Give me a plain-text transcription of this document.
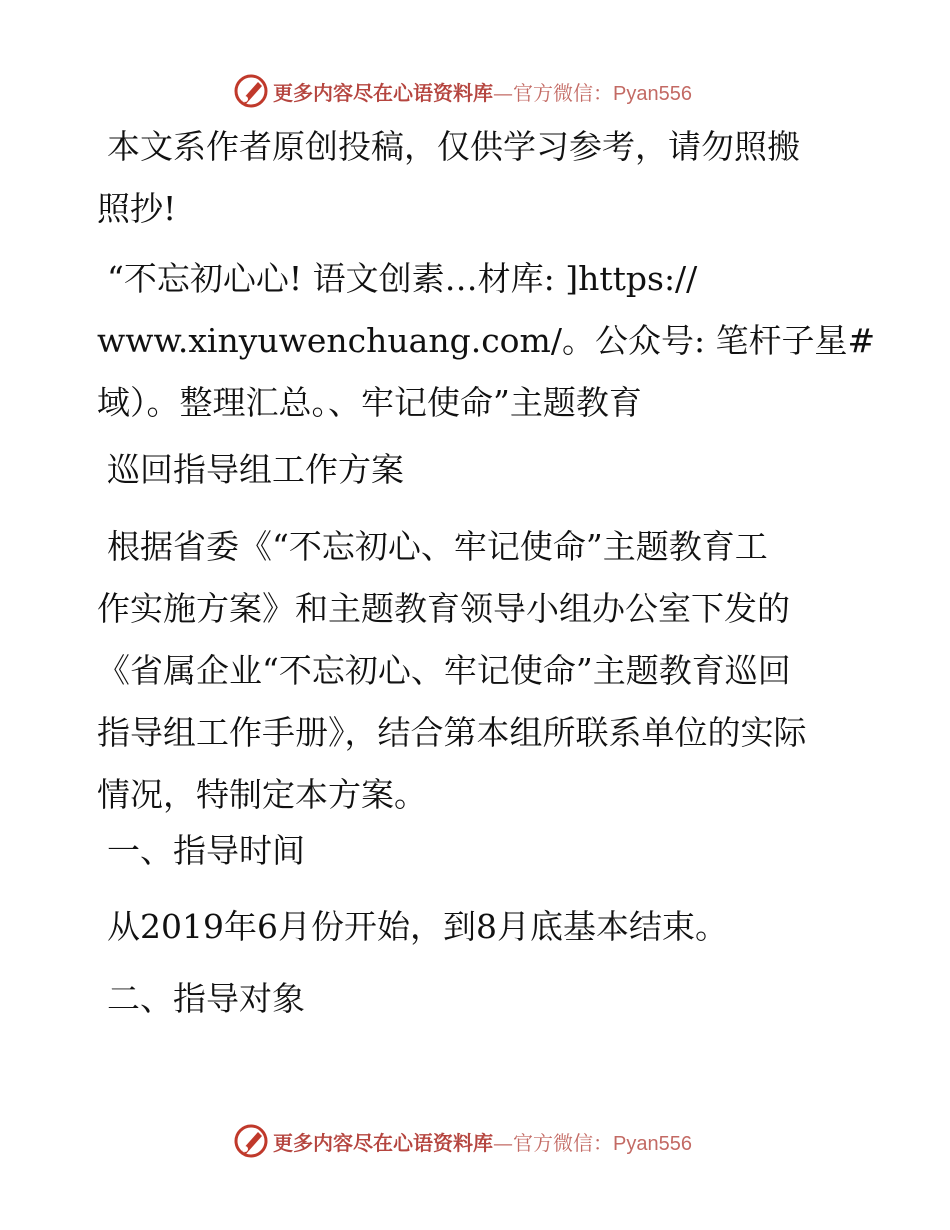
更多内容尽在心语资料库—官方微信：Pyan556
本文系作者原创投稿，仅供学习参考，请勿照搬
照抄!
“不忘初心心! 语文创素…材库: ]https://
www.xinyuwenchuang.com/。公众号: 笔杆子星#
域）。整理汇总。、牢记使命”主题教育
巡回指导组工作方案
根据省委《“不忘初心、牢记使命”主题教育工
作实施方案》和主题教育领导小组办公室下发的
《省属企业“不忘初心、牢记使命”主题教育巡回
指导组工作手册》，结合第本组所联系单位的实际
情况，特制定本方案。
一、指导时间
从2019年6月份开始，到8月底基本结束。
二、指导对象
更多内容尽在心语资料库—官方微信：Pyan556
